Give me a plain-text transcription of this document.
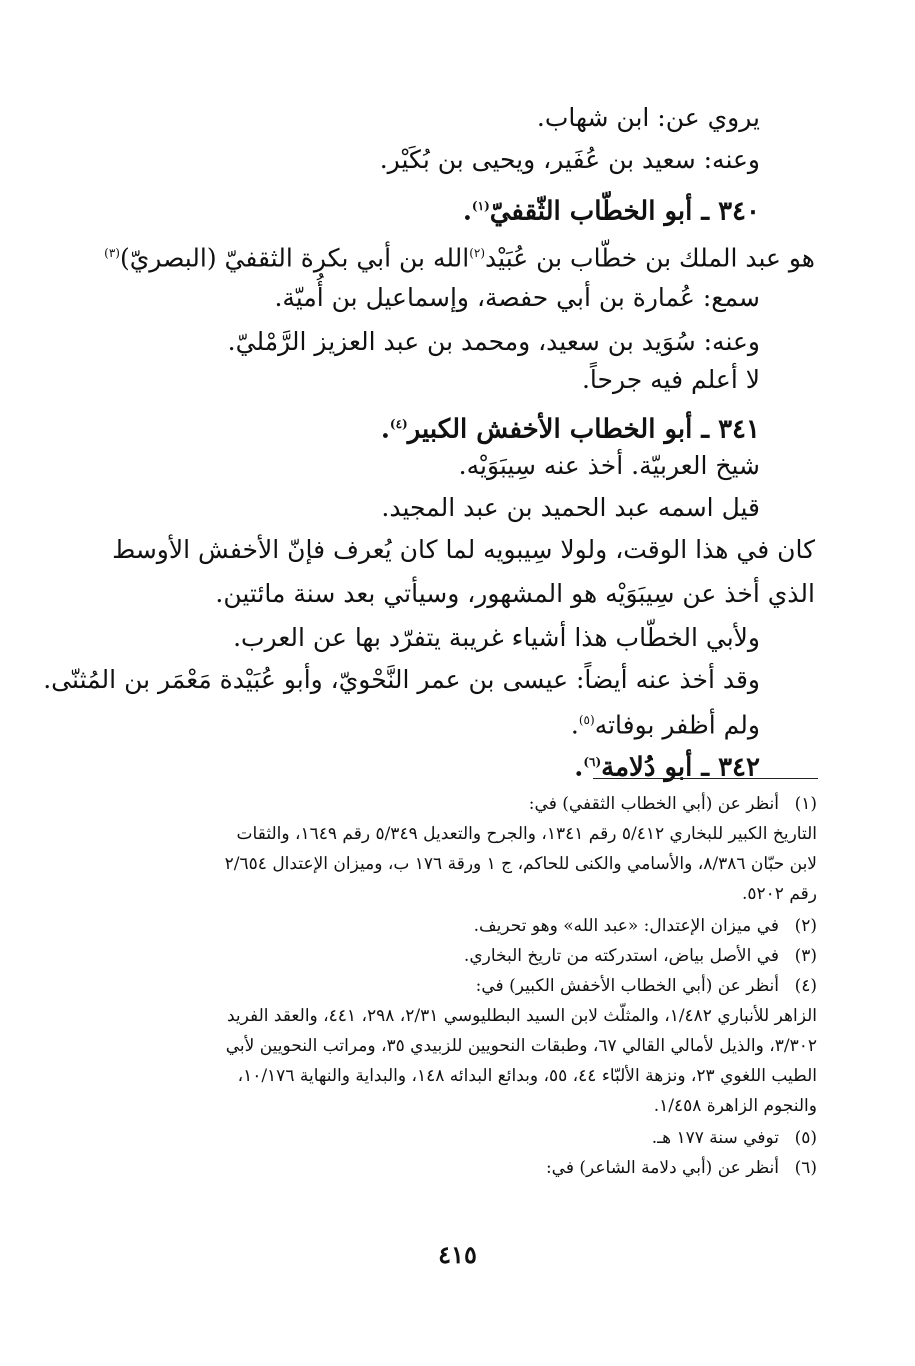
يروي عن: ابن شهاب.
وعنه: سعيد بن عُفَير، ويحيى بن بُكَيْر.
٣٤٠ ـ أبو الخطّاب الثّقفيّ$^{(١)}$.
هو عبد الملك بن خطّاب بن عُبَيْد$^{(٢)}$الله بن أبي بكرة الثقفيّ (البصريّ)$^{(٣)}$
سمع: عُمارة بن أبي حفصة، وإسماعيل بن أُميّة.
وعنه: سُوَيد بن سعيد، ومحمد بن عبد العزيز الرَّمْليّ.
لا أعلم فيه جرحاً.
٣٤١ ـ أبو الخطاب الأخفش الكبير$^{(٤)}$.
شيخ العربيّة. أخذ عنه سِيبَوَيْه.
قيل اسمه عبد الحميد بن عبد المجيد.
كان في هذا الوقت، ولولا سِيبويه لما كان يُعرف فإنّ الأخفش الأوسط
الذي أخذ عن سِيبَوَيْه هو المشهور، وسيأتي بعد سنة مائتين.
ولأبي الخطّاب هذا أشياء غريبة يتفرّد بها عن العرب.
وقد أخذ عنه أيضاً: عيسى بن عمر النَّحْويّ، وأبو عُبَيْدة مَعْمَر بن المُثنّى.
ولم أظفر بوفاته$^{(٥)}$.
٣٤٢ ـ أبو دُلامة$^{(٦)}$.
(١)أنظر عن (أبي الخطاب الثقفي) في:
التاريخ الكبير للبخاري ٥/٤١٢ رقم ١٣٤١، والجرح والتعديل ٥/٣٤٩ رقم ١٦٤٩، والثقات
لابن حبّان ٨/٣٨٦، والأسامي والكنى للحاكم، ج ١ ورقة ١٧٦ ب، وميزان الإعتدال ٢/٦٥٤
رقم ٥٢٠٢.
(٢)في ميزان الإعتدال: «عبد الله» وهو تحريف.
(٣)في الأصل بياض، استدركته من تاريخ البخاري.
(٤)أنظر عن (أبي الخطاب الأخفش الكبير) في:
الزاهر للأنباري ١/٤٨٢، والمثلّث لابن السيد البطليوسي ٢/٣١، ٢٩٨، ٤٤١، والعقد الفريد
٣/٣٠٢، والذيل لأمالي القالي ٦٧، وطبقات النحويين للزبيدي ٣٥، ومراتب النحويين لأبي
الطيب اللغوي ٢٣، ونزهة الألبّاء ٤٤، ٥٥، وبدائع البدائه ١٤٨، والبداية والنهاية ١٠/١٧٦،
والنجوم الزاهرة ١/٤٥٨.
(٥)توفي سنة ١٧٧ هـ.
(٦)أنظر عن (أبي دلامة الشاعر) في:
٤١٥
